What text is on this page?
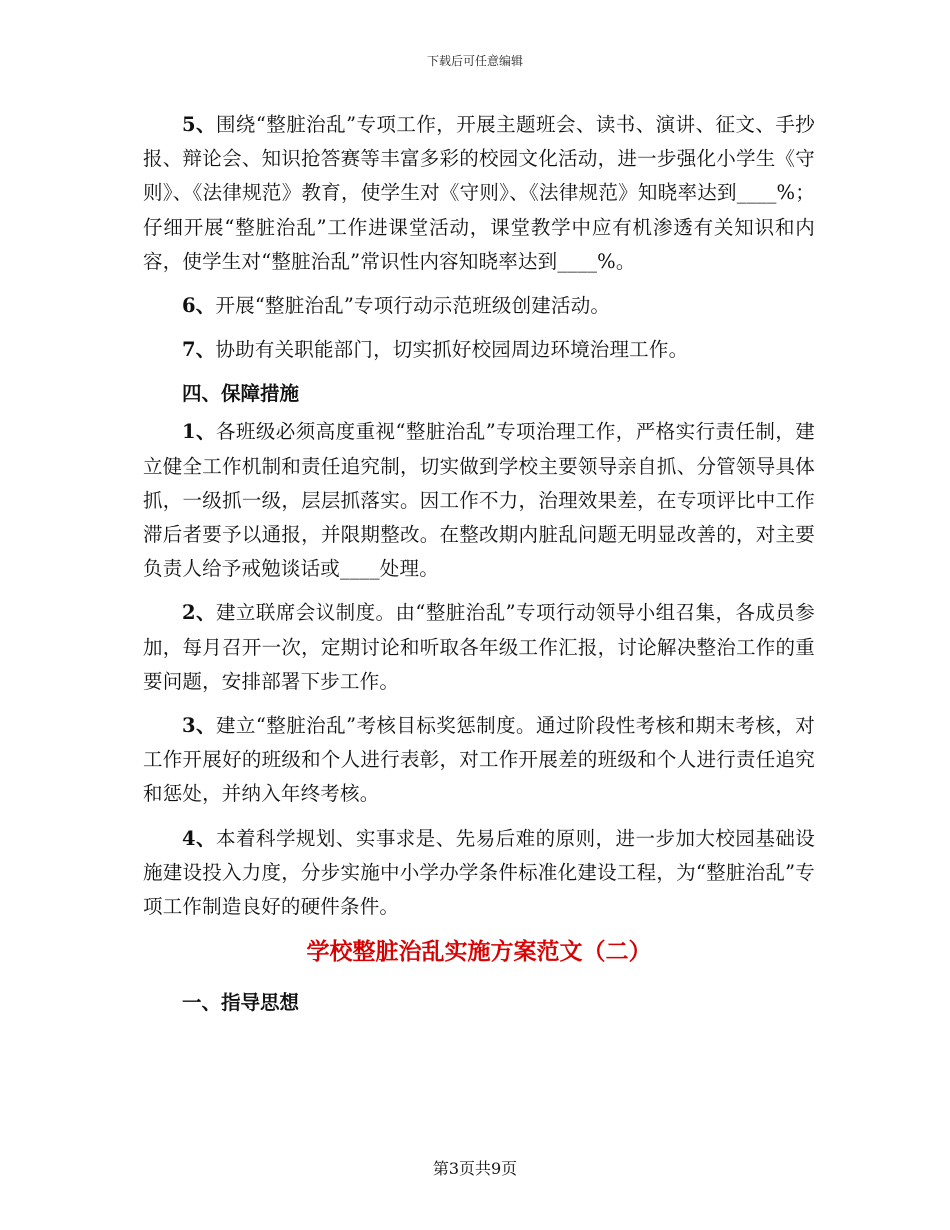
下载后可任意编辑

5、围绕“整脏治乱”专项工作，开展主题班会、读书、演讲、征文、手抄报、辩论会、知识抢答赛等丰富多彩的校园文化活动，进一步强化小学生《守则》、《法律规范》教育，使学生对《守则》、《法律规范》知晓率达到____%；仔细开展“整脏治乱”工作进课堂活动，课堂教学中应有机渗透有关知识和内容，使学生对“整脏治乱”常识性内容知晓率达到____%。

6、开展“整脏治乱”专项行动示范班级创建活动。

7、协助有关职能部门，切实抓好校园周边环境治理工作。

四、保障措施

1、各班级必须高度重视“整脏治乱”专项治理工作，严格实行责任制，建立健全工作机制和责任追究制，切实做到学校主要领导亲自抓、分管领导具体抓，一级抓一级，层层抓落实。因工作不力，治理效果差，在专项评比中工作滞后者要予以通报，并限期整改。在整改期内脏乱问题无明显改善的，对主要负责人给予戒勉谈话或____处理。

2、建立联席会议制度。由“整脏治乱”专项行动领导小组召集，各成员参加，每月召开一次，定期讨论和听取各年级工作汇报，讨论解决整治工作的重要问题，安排部署下步工作。

3、建立“整脏治乱”考核目标奖惩制度。通过阶段性考核和期末考核，对工作开展好的班级和个人进行表彰，对工作开展差的班级和个人进行责任追究和惩处，并纳入年终考核。

4、本着科学规划、实事求是、先易后难的原则，进一步加大校园基础设施建设投入力度，分步实施中小学办学条件标准化建设工程，为“整脏治乱”专项工作制造良好的硬件条件。

学校整脏治乱实施方案范文（二）

一、指导思想

第3页共9页
